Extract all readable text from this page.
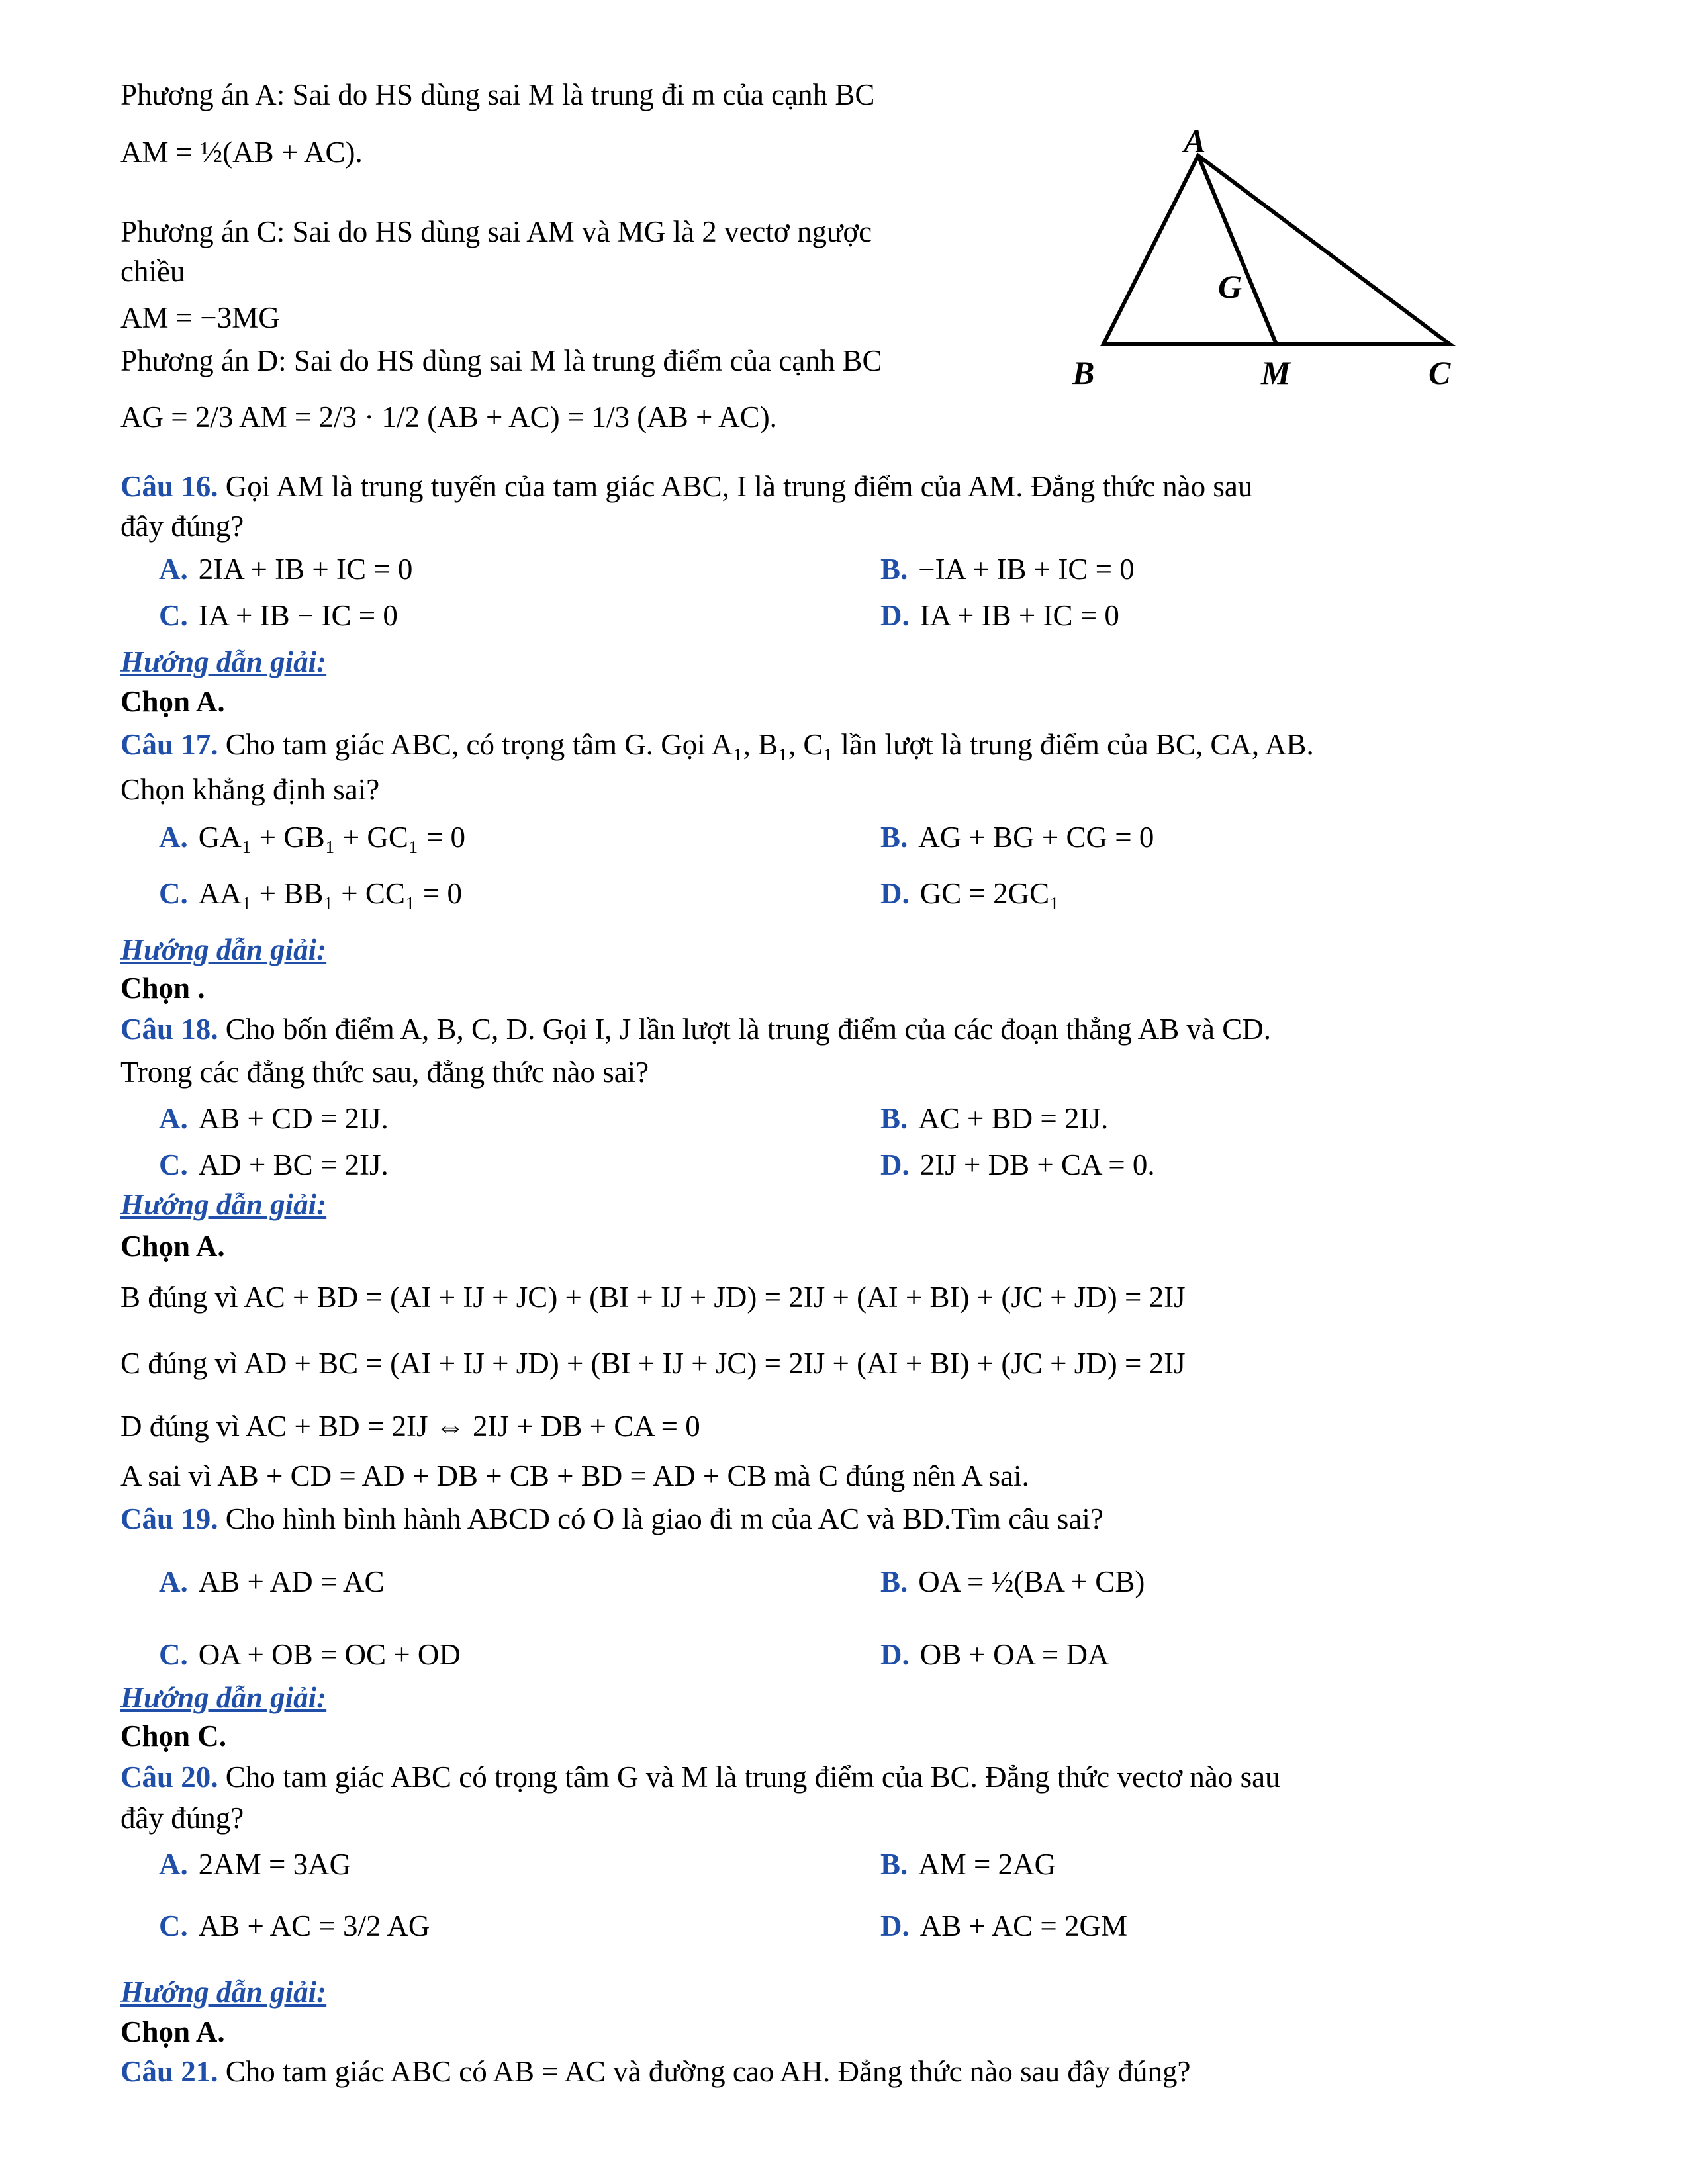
A
G
B	M	C
Phương án A: Sai do HS dùng sai M là trung đi m của cạnh BC
AM = ½(AB + AC).
Phương án C: Sai do HS dùng sai AM và MG là 2 vectơ ngược
chiều
AM = −3MG
Phương án D: Sai do HS dùng sai M là trung điểm của cạnh BC
AG = 2/3 AM = 2/3 · 1/2 (AB + AC) = 1/3 (AB + AC).
Câu 16. Gọi AM là trung tuyến của tam giác ABC, I là trung điểm của AM. Đẳng thức nào sau
đây đúng?
A. 2IA + IB + IC = 0	B. −IA + IB + IC = 0
C. IA + IB − IC = 0	D. IA + IB + IC = 0
Hướng dẫn giải:
Chọn A.
Câu 17. Cho tam giác ABC, có trọng tâm G. Gọi A₁, B₁, C₁ lần lượt là trung điểm của BC, CA, AB.
Chọn khẳng định sai?
A. GA₁ + GB₁ + GC₁ = 0	B. AG + BG + CG = 0
C. AA₁ + BB₁ + CC₁ = 0	D. GC = 2GC₁
Hướng dẫn giải:
Chọn .
Câu 18. Cho bốn điểm A, B, C, D. Gọi I, J lần lượt là trung điểm của các đoạn thẳng AB và CD.
Trong các đẳng thức sau, đẳng thức nào sai?
A. AB + CD = 2IJ.	B. AC + BD = 2IJ.
C. AD + BC = 2IJ.	D. 2IJ + DB + CA = 0.
Hướng dẫn giải:
Chọn A.
B đúng vì AC + BD = (AI + IJ + JC) + (BI + IJ + JD) = 2IJ + (AI + BI) + (JC + JD) = 2IJ
C đúng vì AD + BC = (AI + IJ + JD) + (BI + IJ + JC) = 2IJ + (AI + BI) + (JC + JD) = 2IJ
D đúng vì AC + BD = 2IJ ⇔ 2IJ + DB + CA = 0
A sai vì AB + CD = AD + DB + CB + BD = AD + CB mà C đúng nên A sai.
Câu 19. Cho hình bình hành ABCD có O là giao đi m của AC và BD.Tìm câu sai?
A. AB + AD = AC	B. OA = ½(BA + CB)
C. OA + OB = OC + OD	D. OB + OA = DA
Hướng dẫn giải:
Chọn C.
Câu 20. Cho tam giác ABC có trọng tâm G và M là trung điểm của BC. Đẳng thức vectơ nào sau
đây đúng?
A. 2AM = 3AG	B. AM = 2AG
C. AB + AC = 3/2 AG	D. AB + AC = 2GM
Hướng dẫn giải:
Chọn A.
Câu 21. Cho tam giác ABC có AB = AC và đường cao AH. Đẳng thức nào sau đây đúng?
